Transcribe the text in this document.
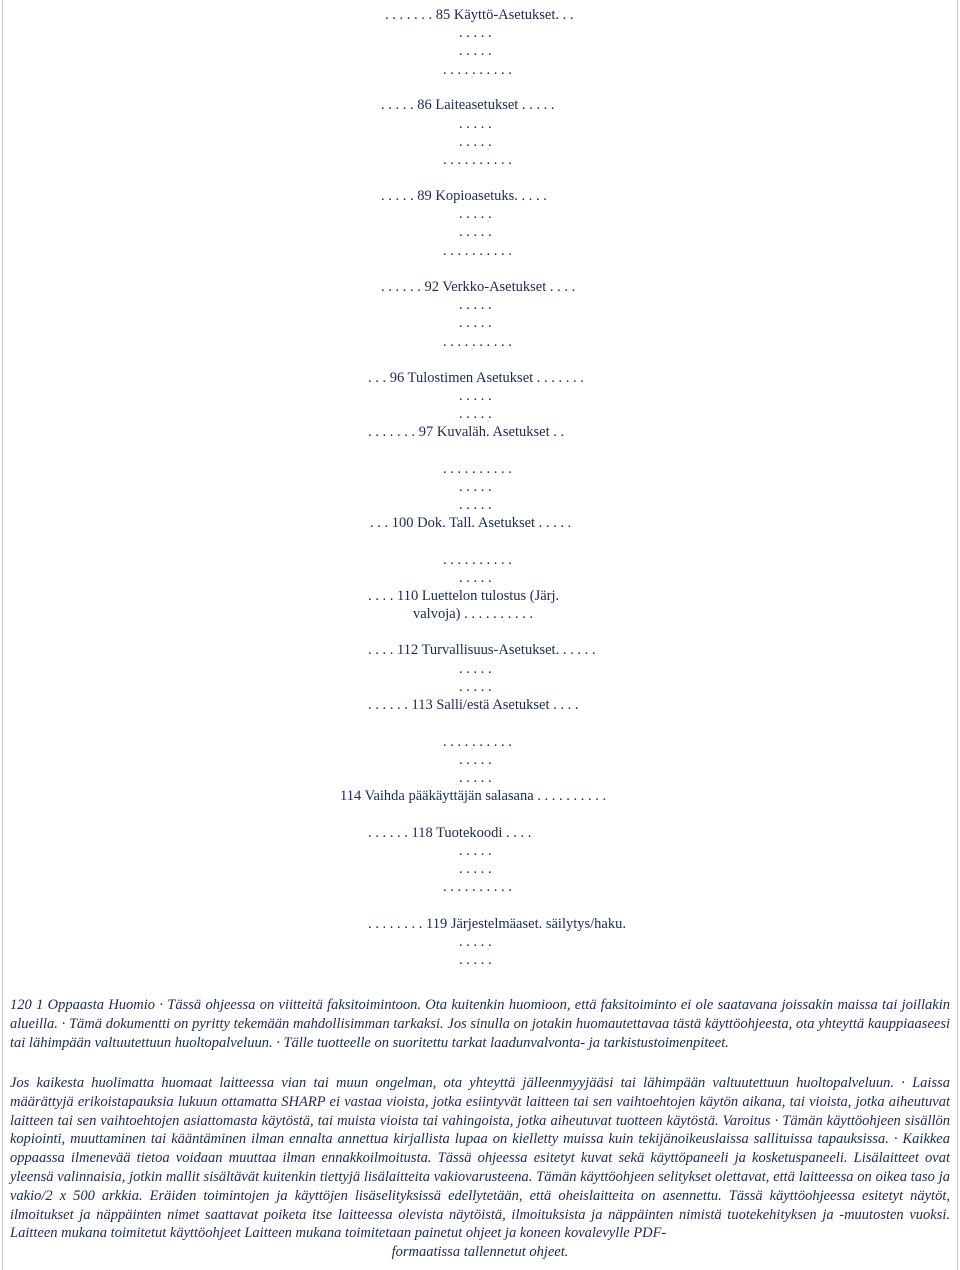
. . . . . . . 85 Käyttö-Asetukset. . .
. . . . .
. . . . .
. . . . . . . . . .
. . . . . 86 Laiteasetukset . . . . .
. . . . .
. . . . .
. . . . . . . . . .
. . . . . 89 Kopioasetuks. . . . .
. . . . .
. . . . .
. . . . . . . . . .
. . . . . . 92 Verkko-Asetukset . . . .
. . . . .
. . . . .
. . . . . . . . . .
. . . 96 Tulostimen Asetukset . . . . . . .
. . . . .
. . . . .
. . . . . . . 97 Kuvaläh. Asetukset . .
. . . . . . . . . .
. . . . .
. . . . .
. . . 100 Dok. Tall. Asetukset . . . . .
. . . . . . . . . .
. . . . .
. . . . 110 Luettelon tulostus (Järj.
valvoja) . . . . . . . . . .
. . . . 112 Turvallisuus-Asetukset. . . . . .
. . . . .
. . . . .
. . . . . . 113 Salli/estä Asetukset . . . .
. . . . . . . . . .
. . . . .
. . . . .
114 Vaihda pääkäyttäjän salasana . . . . . . . . . .
. . . . . . 118 Tuotekoodi . . . .
. . . . .
. . . . .
. . . . . . . . . .
. . . . . . . . 119 Järjestelmäaset. säilytys/haku.
. . . . .
. . . . .

120 1 Oppaasta Huomio · Tässä ohjeessa on viitteitä faksitoimintoon. Ota kuitenkin huomioon, että faksitoiminto ei ole saatavana joissakin maissa tai joillakin alueilla. · Tämä dokumentti on pyritty tekemään mahdollisimman tarkaksi. Jos sinulla on jotakin huomautettavaa tästä käyttöohjeesta, ota yhteyttä kauppiaaseesi tai lähimpään valtuutettuun huoltopalveluun. · Tälle tuotteelle on suoritettu tarkat laadunvalvonta- ja tarkistustoimenpiteet.

Jos kaikesta huolimatta huomaat laitteessa vian tai muun ongelman, ota yhteyttä jälleenmyyjääsi tai lähimpään valtuutettuun huoltopalveluun. · Laissa määrättyjä erikoistapauksia lukuun ottamatta SHARP ei vastaa vioista, jotka esiintyvät laitteen tai sen vaihtoehtojen käytön aikana, tai vioista, jotka aiheutuvat laitteen tai sen vaihtoehtojen asiattomasta käytöstä, tai muista vioista tai vahingoista, jotka aiheutuvat tuotteen käytöstä. Varoitus · Tämän käyttöohjeen sisällön kopiointi, muuttaminen tai kääntäminen ilman ennalta annettua kirjallista lupaa on kielletty muissa kuin tekijänoikeuslaissa sallituissa tapauksissa. · Kaikkea oppaassa ilmenevää tietoa voidaan muuttaa ilman ennakkoilmoitusta. Tässä ohjeessa esitetyt kuvat sekä käyttöpaneeli ja kosketuspaneeli. Lisälaitteet ovat yleensä valinnaisia, jotkin mallit sisältävät kuitenkin tiettyjä lisälaitteita vakiovarusteena. Tämän käyttöohjeen selitykset olettavat, että laitteessa on oikea taso ja vakio/2 x 500 arkkia. Eräiden toimintojen ja käyttöjen lisäselityksissä edellytetään, että oheislaitteita on asennettu. Tässä käyttöohjeessa esitetyt näytöt, ilmoitukset ja näppäinten nimet saattavat poiketa itse laitteessa olevista näytöistä, ilmoituksista ja näppäinten nimistä tuotekehityksen ja -muutosten vuoksi. Laitteen mukana toimitetut käyttöohjeet Laitteen mukana toimitetaan painetut ohjeet ja koneen kovalevylle PDF-
formaatissa tallennetut ohjeet.
